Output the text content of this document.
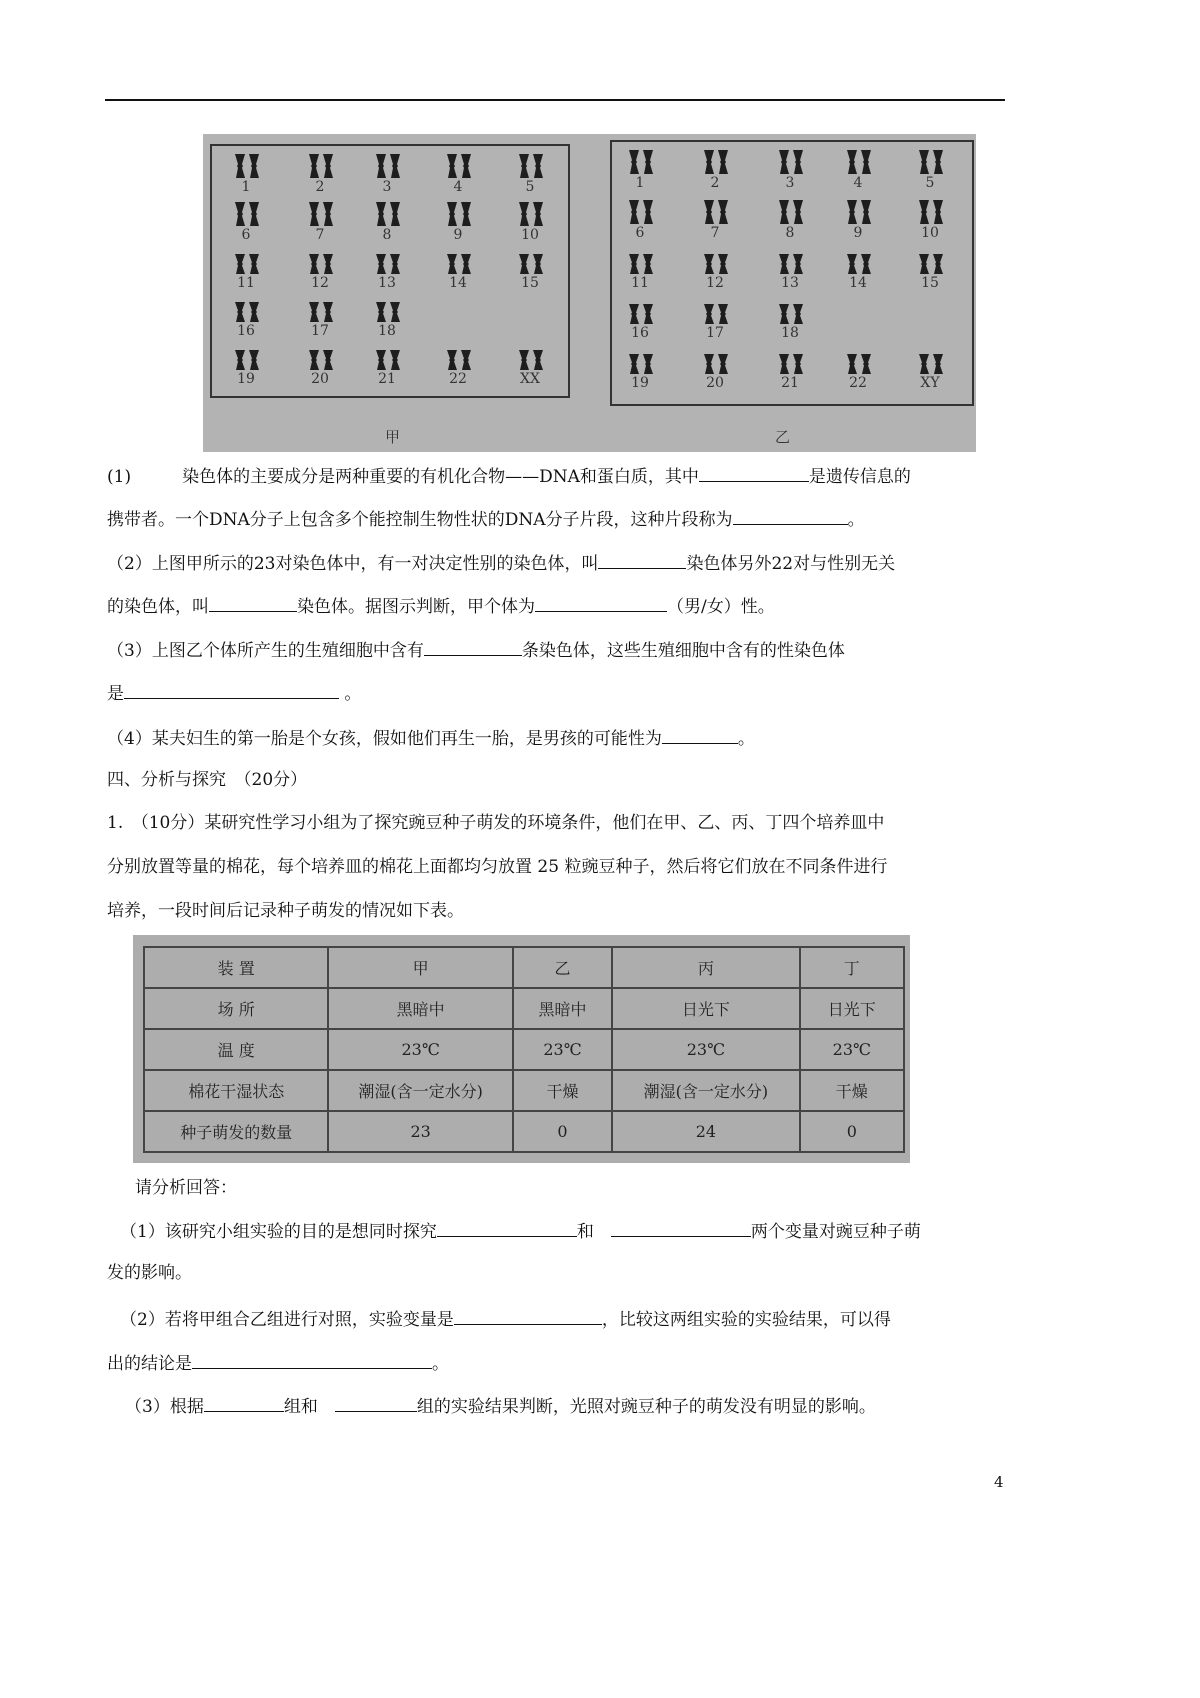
1	2	3	4	5
6	7	8	9	10
11	12	13	14	15
16	17	18
19	20	21	22	XX
1	2	3	4	5
6	7	8	9	10
11	12	13	14	15
16	17	18
19	20	21	22	XY
甲	乙
(1)　　　染色体的主要成分是两种重要的有机化合物——DNA和蛋白质，其中	是遗传信息的
携带者。一个DNA分子上包含多个能控制生物性状的DNA分子片段，这种片段称为	。
（2）上图甲所示的23对染色体中，有一对决定性别的染色体，叫	染色体另外22对与性别无关
的染色体，叫	染色体。据图示判断，甲个体为	（男/女）性。
（3）上图乙个体所产生的生殖细胞中含有	条染色体，这些生殖细胞中含有的性染色体
是	。
（4）某夫妇生的第一胎是个女孩，假如他们再生一胎，是男孩的可能性为	。
四、分析与探究　（20分）
1.　（10分）某研究性学习小组为了探究豌豆种子萌发的环境条件，他们在甲、乙、丙、丁四个培养皿中
分别放置等量的棉花，每个培养皿的棉花上面都均匀放置 25 粒豌豆种子，然后将它们放在不同条件进行
培养，一段时间后记录种子萌发的情况如下表。
装 置	甲	乙	丙	丁
场 所	黑暗中	黑暗中	日光下	日光下
温 度	23℃	23℃	23℃	23℃
棉花干湿状态	潮湿(含一定水分)	干燥	潮湿(含一定水分)	干燥
种子萌发的数量	23	0	24	0
请分析回答：
（1）该研究小组实验的目的是想同时探究	和　	两个变量对豌豆种子萌
发的影响。
（2）若将甲组合乙组进行对照，实验变量是	，比较这两组实验的实验结果，可以得
出的结论是	。
（3）根据	组和　	组的实验结果判断，光照对豌豆种子的萌发没有明显的影响。
4
